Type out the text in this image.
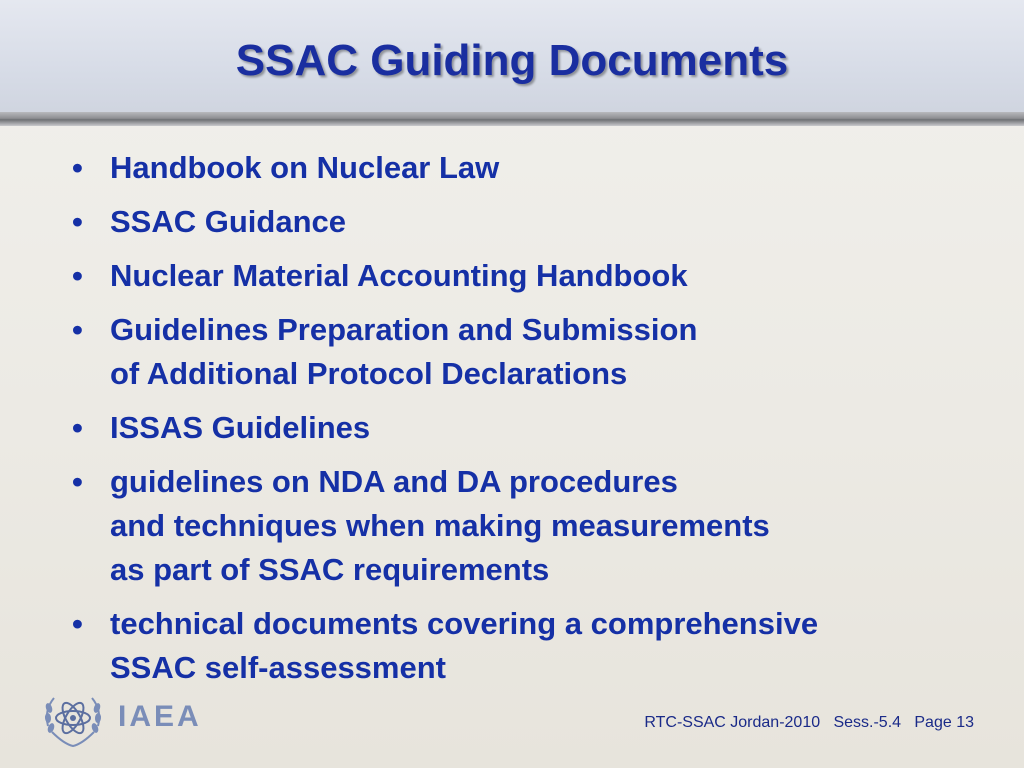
SSAC Guiding Documents
• Handbook on Nuclear Law
• SSAC Guidance
• Nuclear Material Accounting Handbook
• Guidelines Preparation and Submission
of Additional Protocol Declarations
• ISSAS Guidelines
• guidelines on NDA and DA procedures
and techniques when making measurements
as part of SSAC requirements
• technical documents covering a comprehensive
SSAC self-assessment
IAEA	RTC-SSAC Jordan-2010   Sess.-5.4   Page 13
